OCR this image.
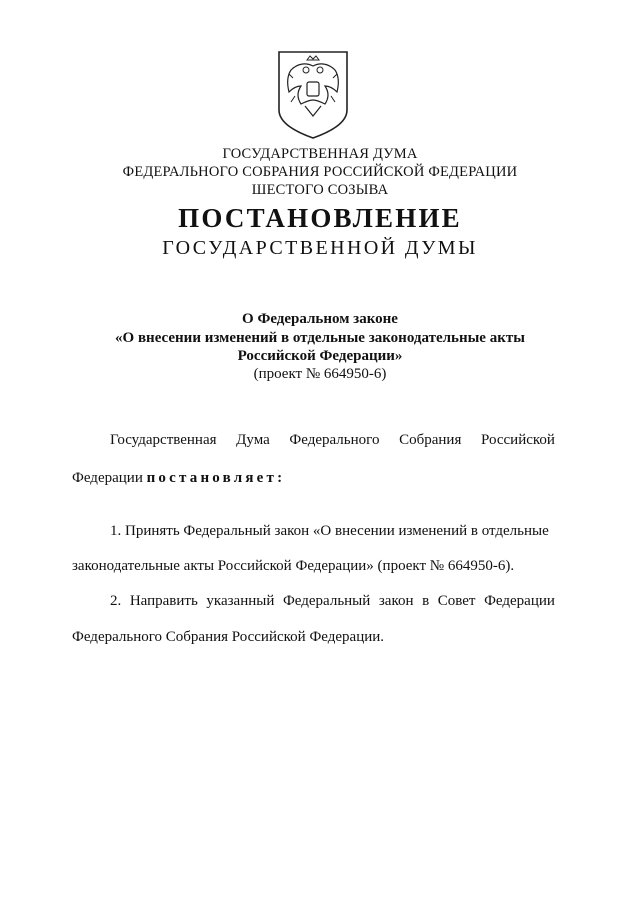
ГОСУДАРСТВЕННАЯ ДУМА
ФЕДЕРАЛЬНОГО СОБРАНИЯ РОССИЙСКОЙ ФЕДЕРАЦИИ
ШЕСТОГО СОЗЫВА
ПОСТАНОВЛЕНИЕ
ГОСУДАРСТВЕННОЙ ДУМЫ
О Федеральном законе
«О внесении изменений в отдельные законодательные акты
Российской Федерации»
(проект № 664950-6)
Государственная Дума Федерального Собрания Российской
Федерации постановляет:
1. Принять Федеральный закон «О внесении изменений в отдельные
законодательные акты Российской Федерации» (проект № 664950-6).
2. Направить указанный Федеральный закон в Совет Федерации
Федерального Собрания Российской Федерации.
